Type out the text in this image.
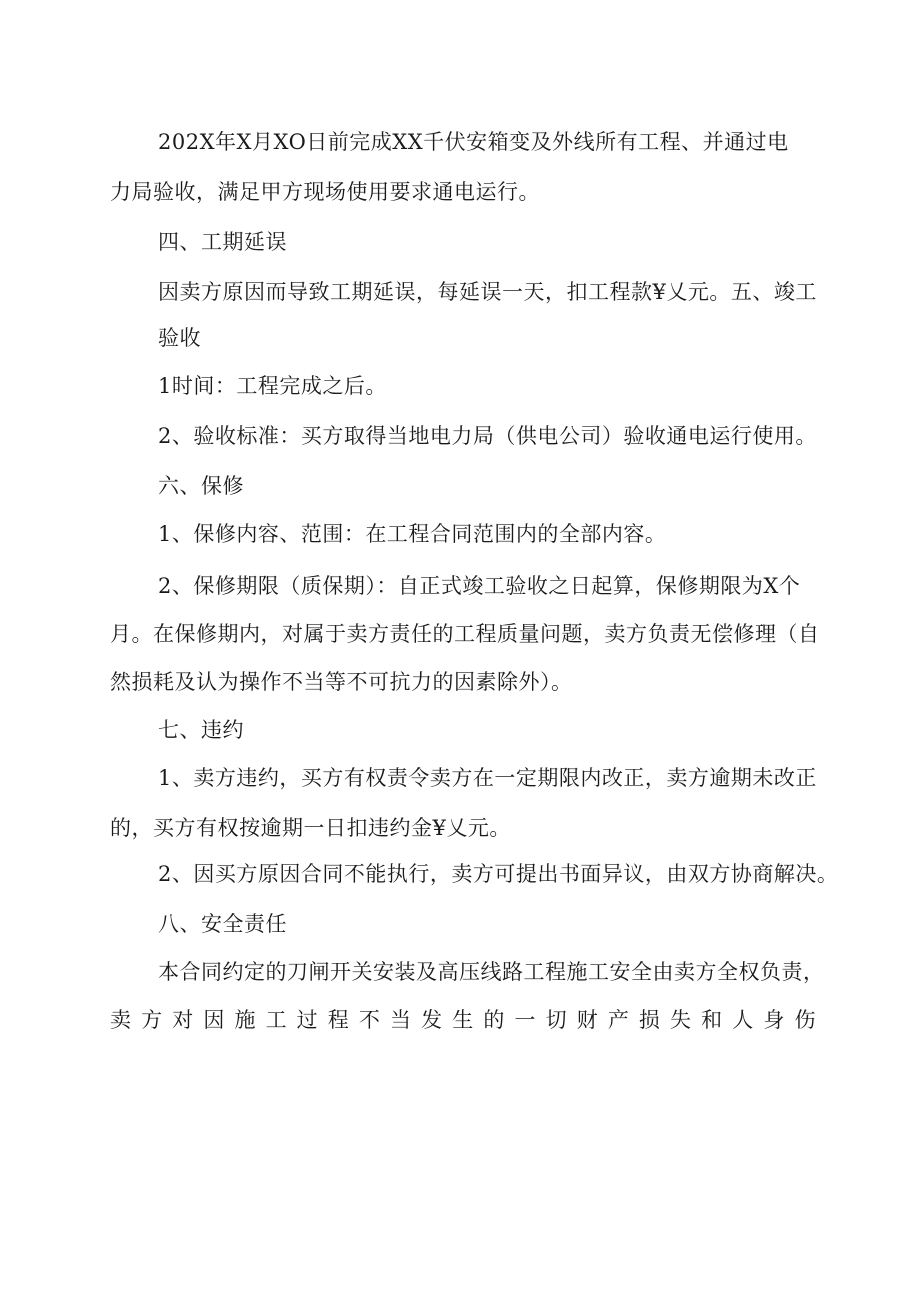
202X年X月XO日前完成XX千伏安箱变及外线所有工程、并通过电
力局验收，满足甲方现场使用要求通电运行。
四、工期延误
因卖方原因而导致工期延误，每延误一天，扣工程款¥乂元。五、竣工
验收
1时间：工程完成之后。
2、验收标准：买方取得当地电力局（供电公司）验收通电运行使用。
六、保修
1、保修内容、范围：在工程合同范围内的全部内容。
2、保修期限（质保期）：自正式竣工验收之日起算，保修期限为X个
月。在保修期内，对属于卖方责任的工程质量问题，卖方负责无偿修理（自
然损耗及认为操作不当等不可抗力的因素除外）。
七、违约
1、卖方违约，买方有权责令卖方在一定期限内改正，卖方逾期未改正
的，买方有权按逾期一日扣违约金¥乂元。
2、因买方原因合同不能执行，卖方可提出书面异议，由双方协商解决。
八、安全责任
本合同约定的刀闸开关安装及高压线路工程施工安全由卖方全权负责，
卖方对因施工过程不当发生的一切财产损失和人身伤
